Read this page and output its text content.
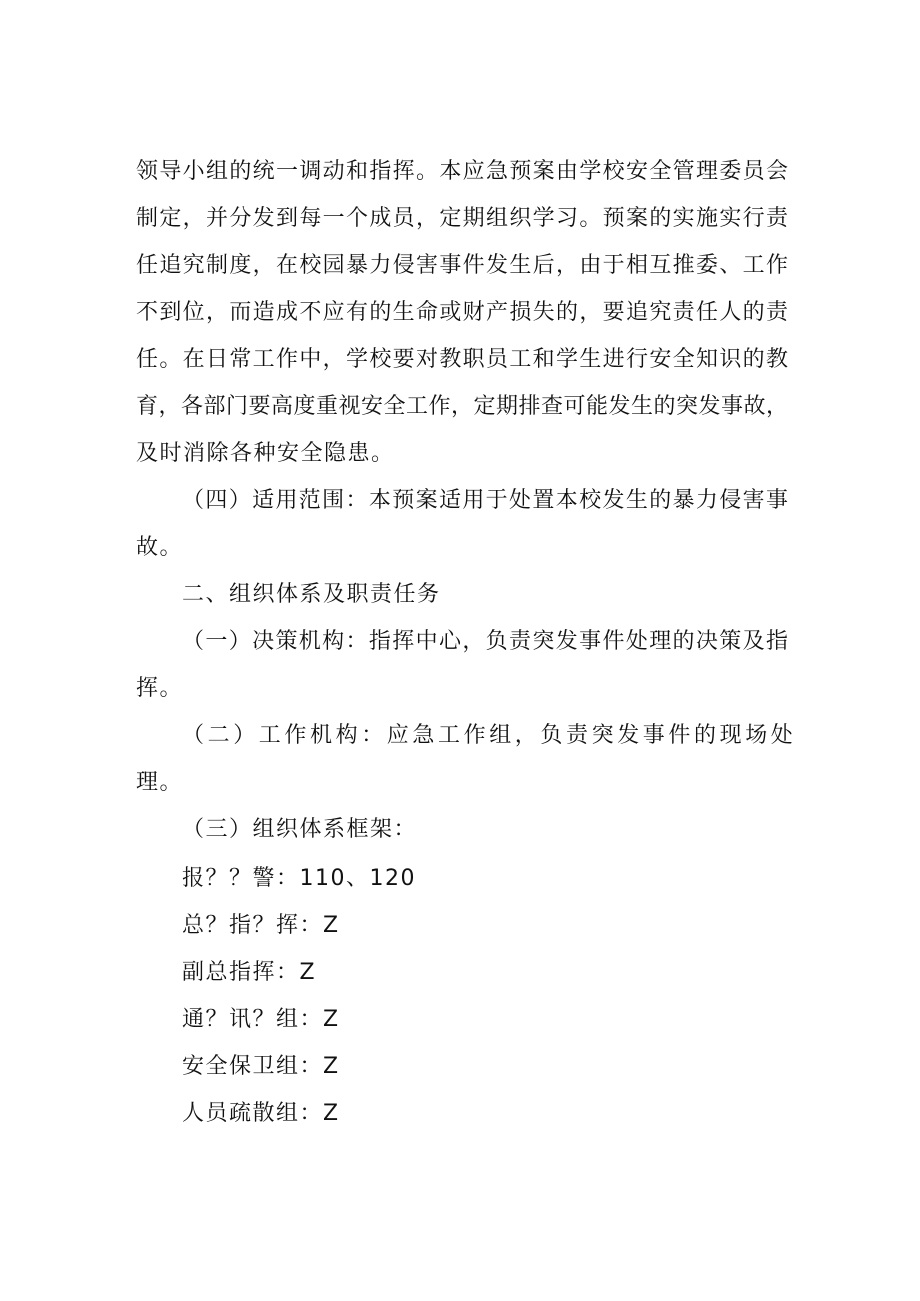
领导小组的统一调动和指挥。本应急预案由学校安全管理委员会
制定，并分发到每一个成员，定期组织学习。预案的实施实行责
任追究制度，在校园暴力侵害事件发生后，由于相互推委、工作
不到位，而造成不应有的生命或财产损失的，要追究责任人的责
任。在日常工作中，学校要对教职员工和学生进行安全知识的教
育，各部门要高度重视安全工作，定期排查可能发生的突发事故，
及时消除各种安全隐患。
（四）适用范围：本预案适用于处置本校发生的暴力侵害事
故。
二、组织体系及职责任务
（一）决策机构：指挥中心，负责突发事件处理的决策及指
挥。
（二）工作机构：应急工作组，负责突发事件的现场处
理。
（三）组织体系框架：
报？？警：110、120
总？指？挥：Z
副总指挥：Z
通？讯？组：Z
安全保卫组：Z
人员疏散组：Z
